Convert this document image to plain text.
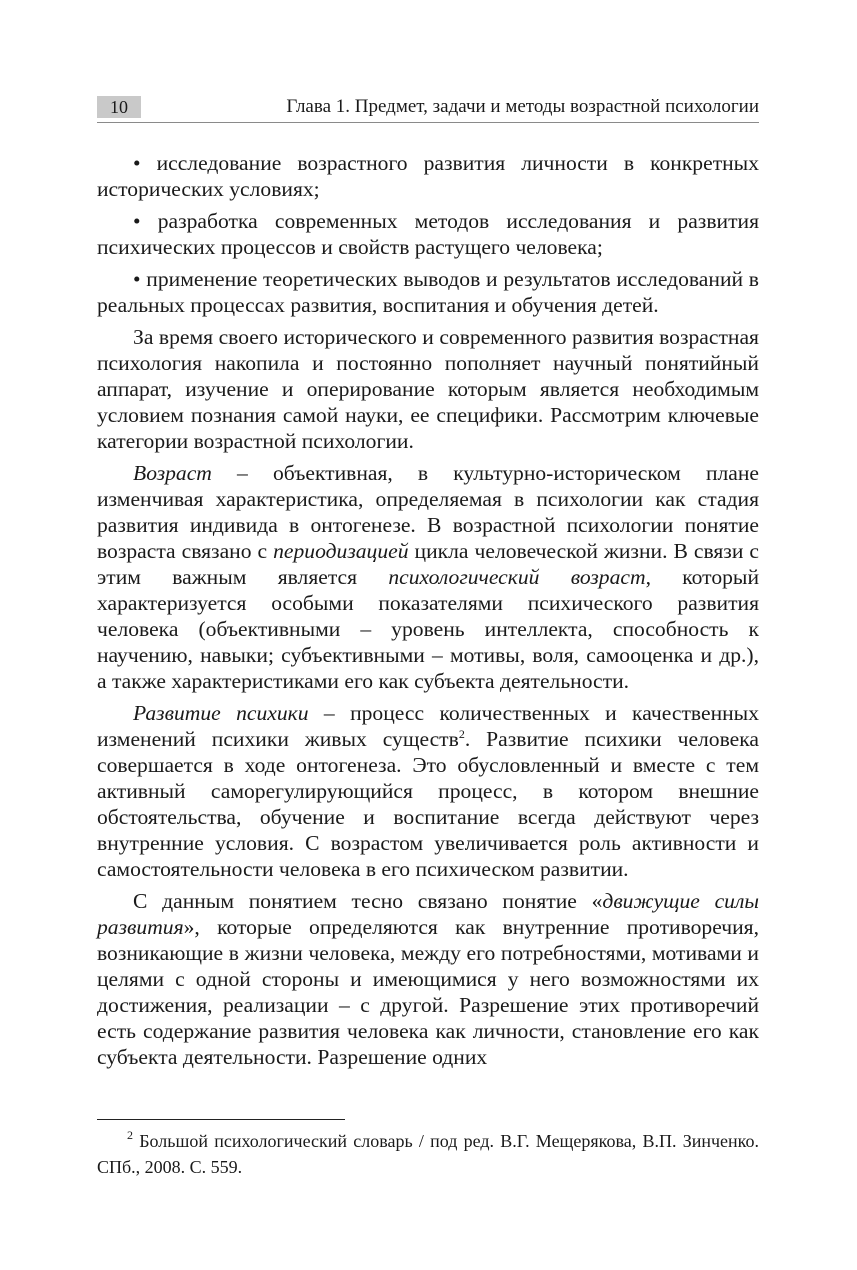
10	Глава 1. Предмет, задачи и методы возрастной психологии

• исследование возрастного развития личности в конкретных исторических условиях;

• разработка современных методов исследования и развития психических процессов и свойств растущего человека;

• применение теоретических выводов и результатов исследований в реальных процессах развития, воспитания и обучения детей.

За время своего исторического и современного развития возрастная психология накопила и постоянно пополняет научный понятийный аппарат, изучение и оперирование которым является необходимым условием познания самой науки, ее специфики. Рассмотрим ключевые категории возрастной психологии.

Возраст – объективная, в культурно-историческом плане изменчивая характеристика, определяемая в психологии как стадия развития индивида в онтогенезе. В возрастной психологии понятие возраста связано с периодизацией цикла человеческой жизни. В связи с этим важным является психологический возраст, который характеризуется особыми показателями психического развития человека (объективными – уровень интеллекта, способность к научению, навыки; субъективными – мотивы, воля, самооценка и др.), а также характеристиками его как субъекта деятельности.

Развитие психики – процесс количественных и качественных изменений психики живых существ$^2$. Развитие психики человека совершается в ходе онтогенеза. Это обусловленный и вместе с тем активный саморегулирующийся процесс, в котором внешние обстоятельства, обучение и воспитание всегда действуют через внутренние условия. С возрастом увеличивается роль активности и самостоятельности человека в его психическом развитии.

С данным понятием тесно связано понятие «движущие силы развития», которые определяются как внутренние противоречия, возникающие в жизни человека, между его потребностями, мотивами и целями с одной стороны и имеющимися у него возможностями их достижения, реализации – с другой. Разрешение этих противоречий есть содержание развития человека как личности, становление его как субъекта деятельности. Разрешение одних

$^2$ Большой психологический словарь / под ред. В.Г. Мещерякова, В.П. Зинченко. СПб., 2008. С. 559.
